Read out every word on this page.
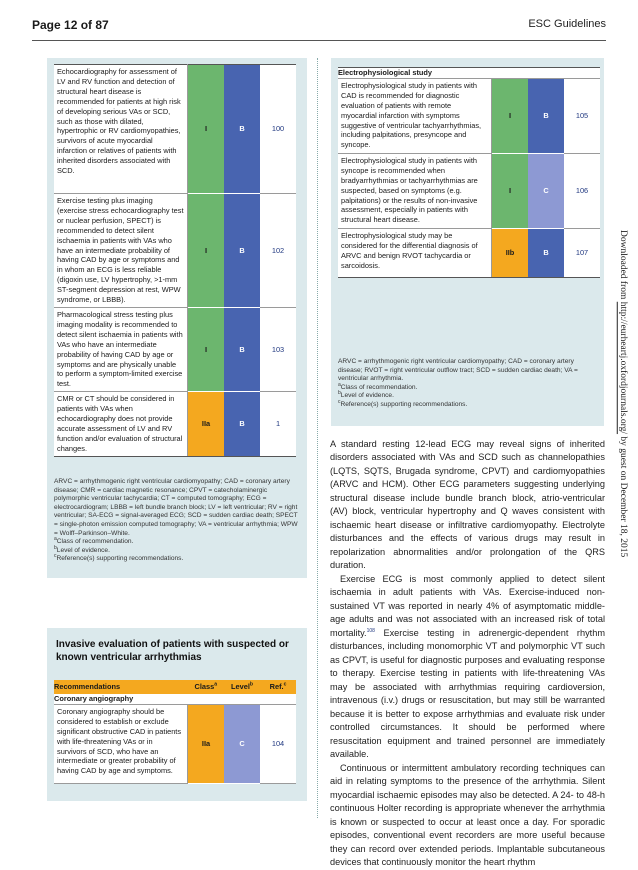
Page 12 of 87	ESC Guidelines
Downloaded from http://eurheartj.oxfordjournals.org/ by guest on December 18, 2015
Echocardiography for assessment of LV and RV function and detection of structural heart disease is recommended for patients at high risk of developing serious VAs or SCD, such as those with dilated, hypertrophic or RV cardiomyopathies, survivors of acute myocardial infarction or relatives of patients with inherited disorders associated with SCD.	I	B	100
Exercise testing plus imaging (exercise stress echocardiography test or nuclear perfusion, SPECT) is recommended to detect silent ischaemia in patients with VAs who have an intermediate probability of having CAD by age or symptoms and in whom an ECG is less reliable (digoxin use, LV hypertrophy, >1-mm ST-segment depression at rest, WPW syndrome, or LBBB).	I	B	102
Pharmacological stress testing plus imaging modality is recommended to detect silent ischaemia in patients with VAs who have an intermediate probability of having CAD by age or symptoms and are physically unable to perform a symptom-limited exercise test.	I	B	103
CMR or CT should be considered in patients with VAs when echocardiography does not provide accurate assessment of LV and RV function and/or evaluation of structural changes.	IIa	B	1
ARVC = arrhythmogenic right ventricular cardiomyopathy; CAD = coronary artery disease; CMR = cardiac magnetic resonance; CPVT = catecholaminergic polymorphic ventricular tachycardia; CT = computed tomography; ECG = electrocardiogram; LBBB = left bundle branch block; LV = left ventricular; RV = right ventricular; SA-ECG = signal-averaged ECG; SCD = sudden cardiac death; SPECT = single-photon emission computed tomography; VA = ventricular arrhythmia; WPW = Wolff–Parkinson–White.
$^a$Class of recommendation.
$^b$Level of evidence.
$^c$Reference(s) supporting recommendations.
Invasive evaluation of patients with suspected or known ventricular arrhythmias
Recommendations	Class$^a$	Level$^b$	Ref.$^c$
Coronary angiography			
Coronary angiography should be considered to establish or exclude significant obstructive CAD in patients with life-threatening VAs or in survivors of SCD, who have an intermediate or greater probability of having CAD by age and symptoms.	IIa	C	104
Electrophysiological study			
Electrophysiological study in patients with CAD is recommended for diagnostic evaluation of patients with remote myocardial infarction with symptoms suggestive of ventricular tachyarrhythmias, including palpitations, presyncope and syncope.	I	B	105
Electrophysiological study in patients with syncope is recommended when bradyarrhythmias or tachyarrhythmias are suspected, based on symptoms (e.g. palpitations) or the results of non-invasive assessment, especially in patients with structural heart disease.	I	C	106
Electrophysiological study may be considered for the differential diagnosis of ARVC and benign RVOT tachycardia or sarcoidosis.	IIb	B	107
ARVC = arrhythmogenic right ventricular cardiomyopathy; CAD = coronary artery disease; RVOT = right ventricular outflow tract; SCD = sudden cardiac death; VA = ventricular arrhythmia.
$^a$Class of recommendation.
$^b$Level of evidence.
$^c$Reference(s) supporting recommendations.

A standard resting 12-lead ECG may reveal signs of inherited disorders associated with VAs and SCD such as channelopathies (LQTS, SQTS, Brugada syndrome, CPVT) and cardiomyopathies (ARVC and HCM). Other ECG parameters suggesting underlying structural disease include bundle branch block, atrio-ventricular (AV) block, ventricular hypertrophy and Q waves consistent with ischaemic heart disease or infiltrative cardiomyopathy. Electrolyte disturbances and the effects of various drugs may result in repolarization abnormalities and/or prolongation of the QRS duration.

Exercise ECG is most commonly applied to detect silent ischaemia in adult patients with VAs. Exercise-induced non-sustained VT was reported in nearly 4% of asymptomatic middle-age adults and was not associated with an increased risk of total mortality.$^{108}$ Exercise testing in adrenergic-dependent rhythm disturbances, including monomorphic VT and polymorphic VT such as CPVT, is useful for diagnostic purposes and evaluating response to therapy. Exercise testing in patients with life-threatening VAs may be associated with arrhythmias requiring cardioversion, intravenous (i.v.) drugs or resuscitation, but may still be warranted because it is better to expose arrhythmias and evaluate risk under controlled circumstances. It should be performed where resuscitation equipment and trained personnel are immediately available.

Continuous or intermittent ambulatory recording techniques can aid in relating symptoms to the presence of the arrhythmia. Silent myocardial ischaemic episodes may also be detected. A 24- to 48-h continuous Holter recording is appropriate whenever the arrhythmia is known or suspected to occur at least once a day. For sporadic episodes, conventional event recorders are more useful because they can record over extended periods. Implantable subcutaneous devices that continuously monitor the heart rhythm
